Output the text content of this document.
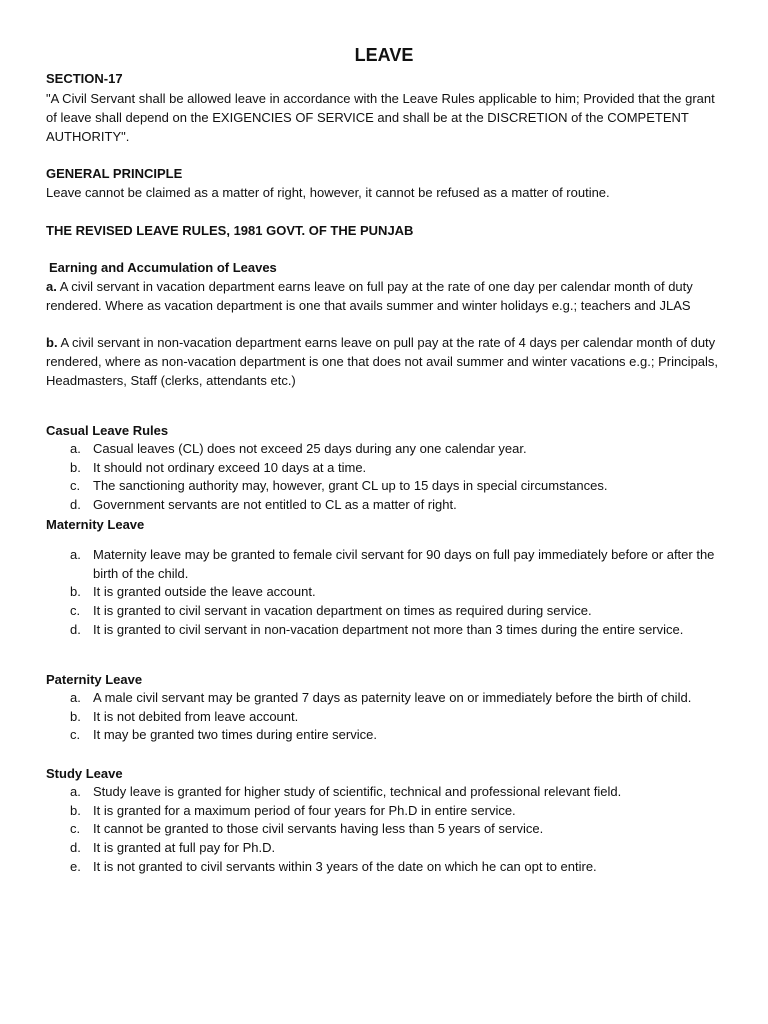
LEAVE
SECTION-17
"A Civil Servant shall be allowed leave in accordance with the Leave Rules applicable to him; Provided that the grant of leave shall depend on the EXIGENCIES OF SERVICE and shall be at the DISCRETION of the COMPETENT AUTHORITY".
GENERAL PRINCIPLE
Leave cannot be claimed as a matter of right, however, it cannot be refused as a matter of routine.
THE REVISED LEAVE RULES, 1981 GOVT. OF THE PUNJAB
Earning and Accumulation of Leaves
a. A civil servant in vacation department earns leave on full pay at the rate of one day per calendar month of duty rendered. Where as vacation department is one that avails summer and winter holidays e.g.; teachers and JLAS
b. A civil servant in non-vacation department earns leave on pull pay at the rate of 4 days per calendar month of duty rendered, where as non-vacation department is one that does not avail summer and winter vacations e.g.; Principals, Headmasters, Staff (clerks, attendants etc.)
Casual Leave Rules
a. Casual leaves (CL) does not exceed 25 days during any one calendar year.
b. It should not ordinary exceed 10 days at a time.
c. The sanctioning authority may, however, grant CL up to 15 days in special circumstances.
d. Government servants are not entitled to CL as a matter of right.
Maternity Leave
a. Maternity leave may be granted to female civil servant for 90 days on full pay immediately before or after the birth of the child.
b. It is granted outside the leave account.
c. It is granted to civil servant in vacation department on times as required during service.
d. It is granted to civil servant in non-vacation department not more than 3 times during the entire service.
Paternity Leave
a. A male civil servant may be granted 7 days as paternity leave on or immediately before the birth of child.
b. It is not debited from leave account.
c. It may be granted two times during entire service.
Study Leave
a. Study leave is granted for higher study of scientific, technical and professional relevant field.
b. It is granted for a maximum period of four years for Ph.D in entire service.
c. It cannot be granted to those civil servants having less than 5 years of service.
d. It is granted at full pay for Ph.D.
e. It is not granted to civil servants within 3 years of the date on which he can opt to entire.
